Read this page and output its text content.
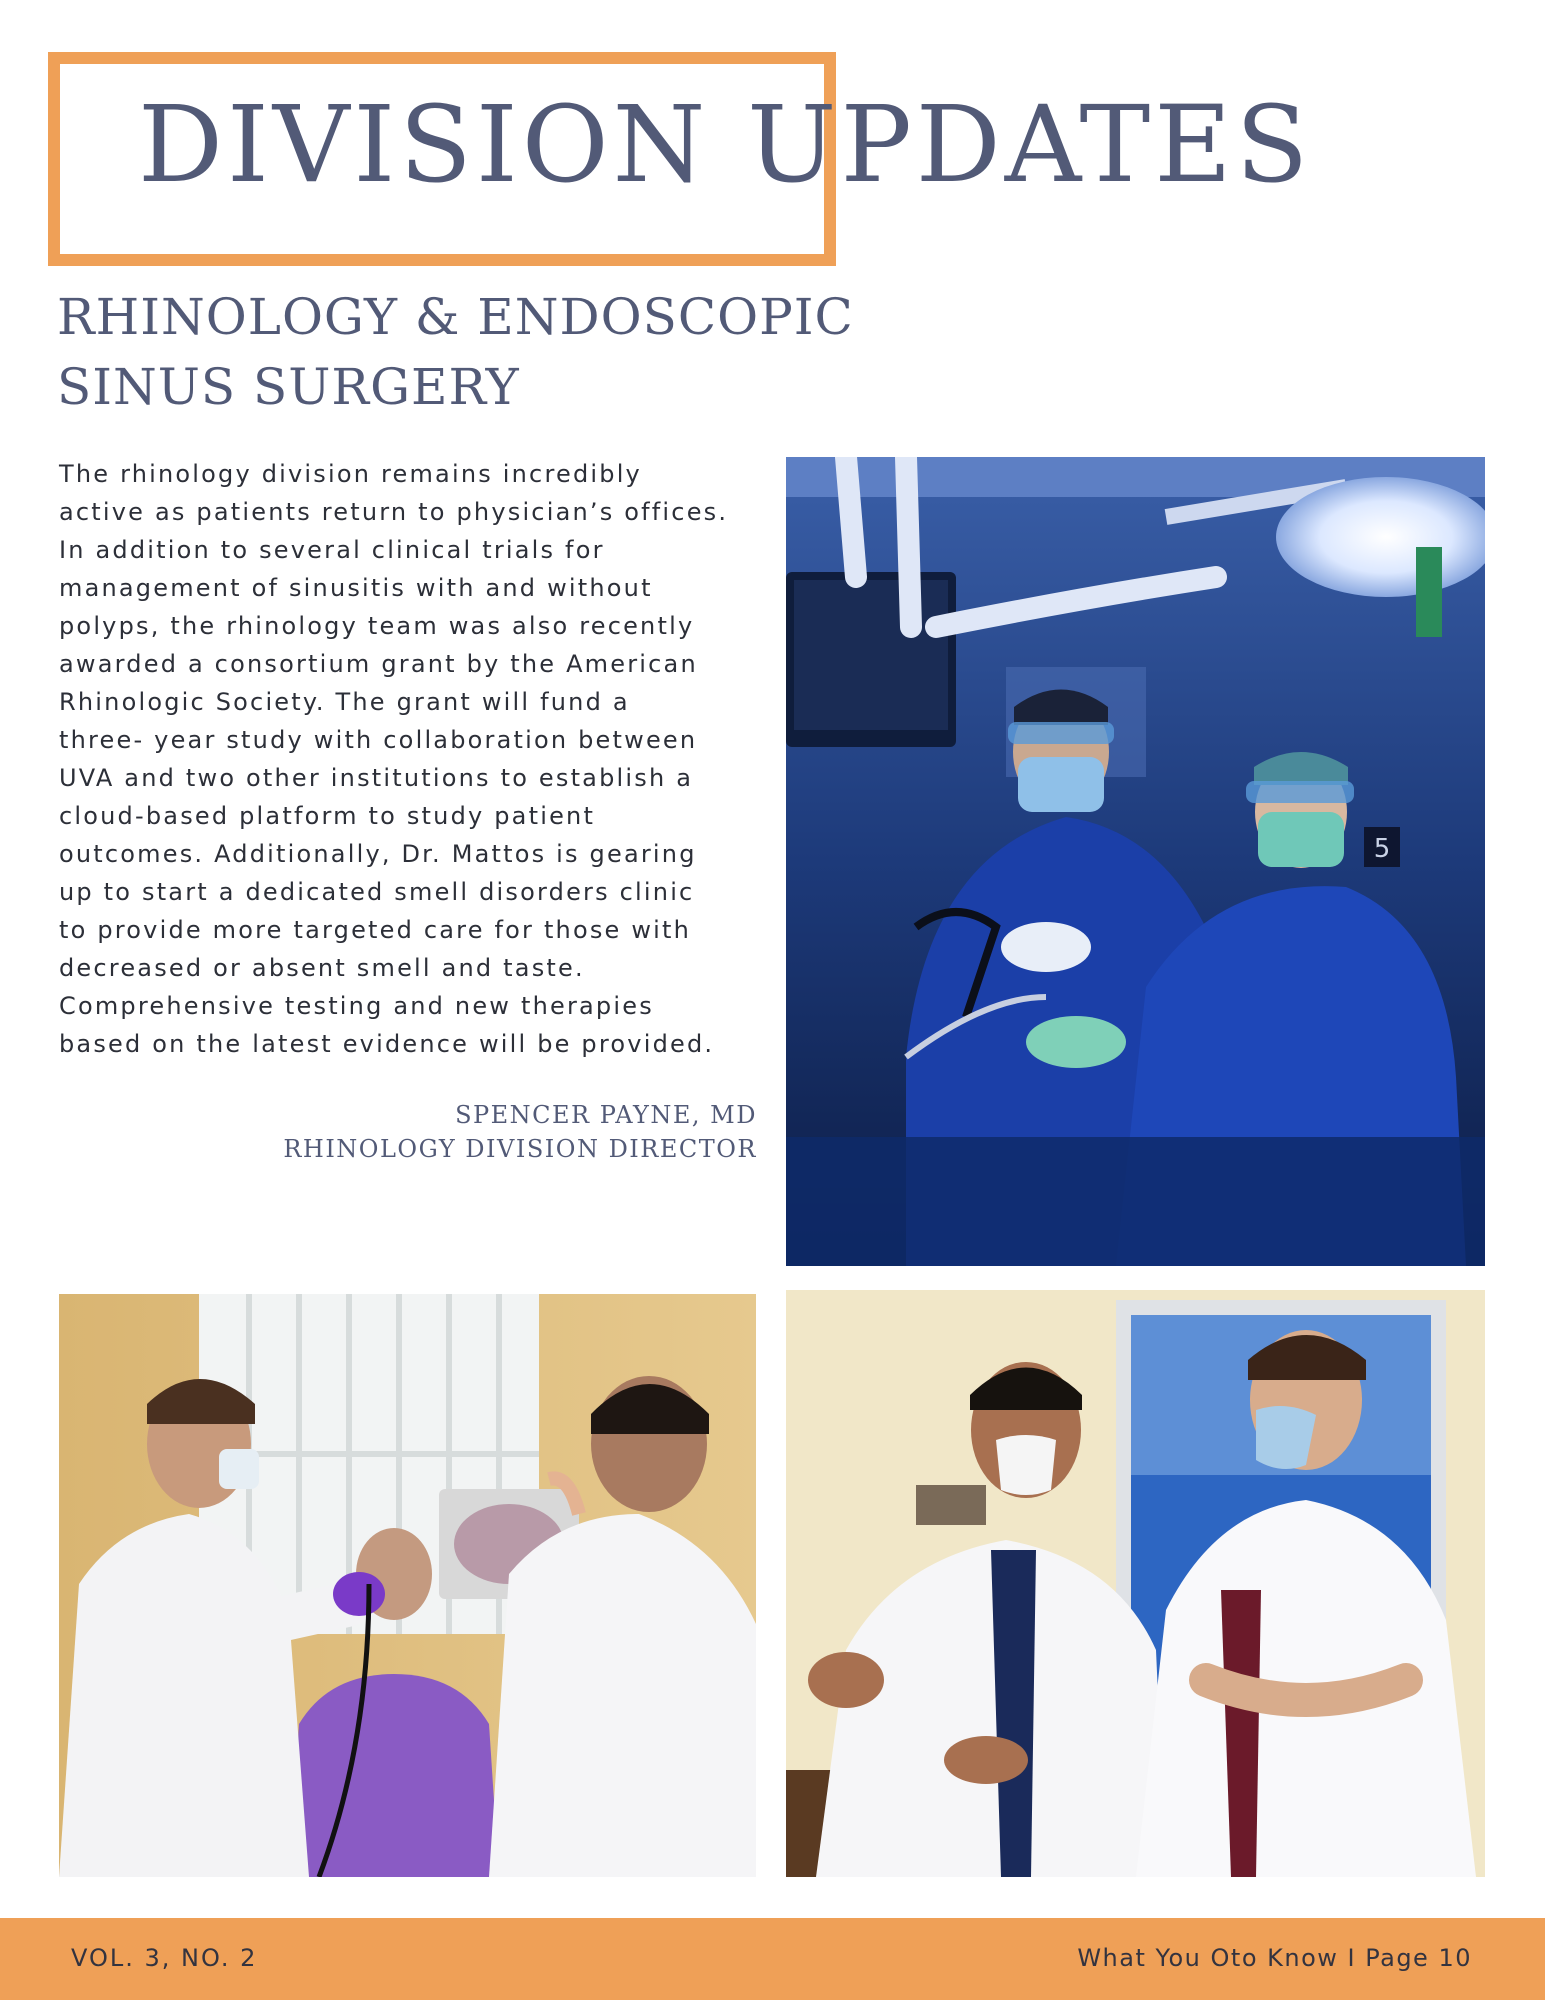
DIVISION UPDATES
RHINOLOGY & ENDOSCOPIC
SINUS SURGERY
The rhinology division remains incredibly
active as patients return to physician’s offices.
In addition to several clinical trials for
management of sinusitis with and without
polyps, the rhinology team was also recently
awarded a consortium grant by the American
Rhinologic Society. The grant will fund a
three- year study with collaboration between
UVA and two other institutions to establish a
cloud-based platform to study patient
outcomes. Additionally, Dr. Mattos is gearing
up to start a dedicated smell disorders clinic
to provide more targeted care for those with
decreased or absent smell and taste.
Comprehensive testing and new therapies
based on the latest evidence will be provided.
SPENCER PAYNE, MD
RHINOLOGY DIVISION DIRECTOR
5
VOL. 3, NO. 2	What You Oto Know I Page 10
